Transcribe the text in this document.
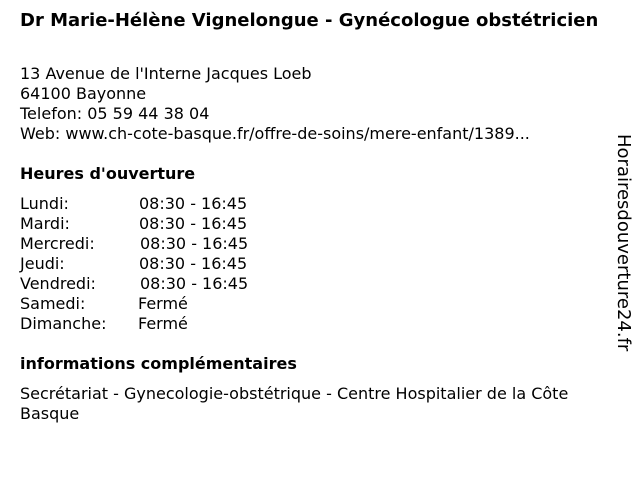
Dr Marie-Hélène Vignelongue - Gynécologue obstétricien
13 Avenue de l'Interne Jacques Loeb
64100 Bayonne
Telefon: 05 59 44 38 04
Web: www.ch-cote-basque.fr/offre-de-soins/mere-enfant/1389...
Heures d'ouverture
Lundi:	08:30 - 16:45
Mardi:	08:30 - 16:45
Mercredi:	08:30 - 16:45
Jeudi:	08:30 - 16:45
Vendredi:	08:30 - 16:45
Samedi:	Fermé
Dimanche: Fermé
informations complémentaires
Secrétariat - Gynecologie-obstétrique - Centre Hospitalier de la Côte Basque
Horairesdouverture24.fr
